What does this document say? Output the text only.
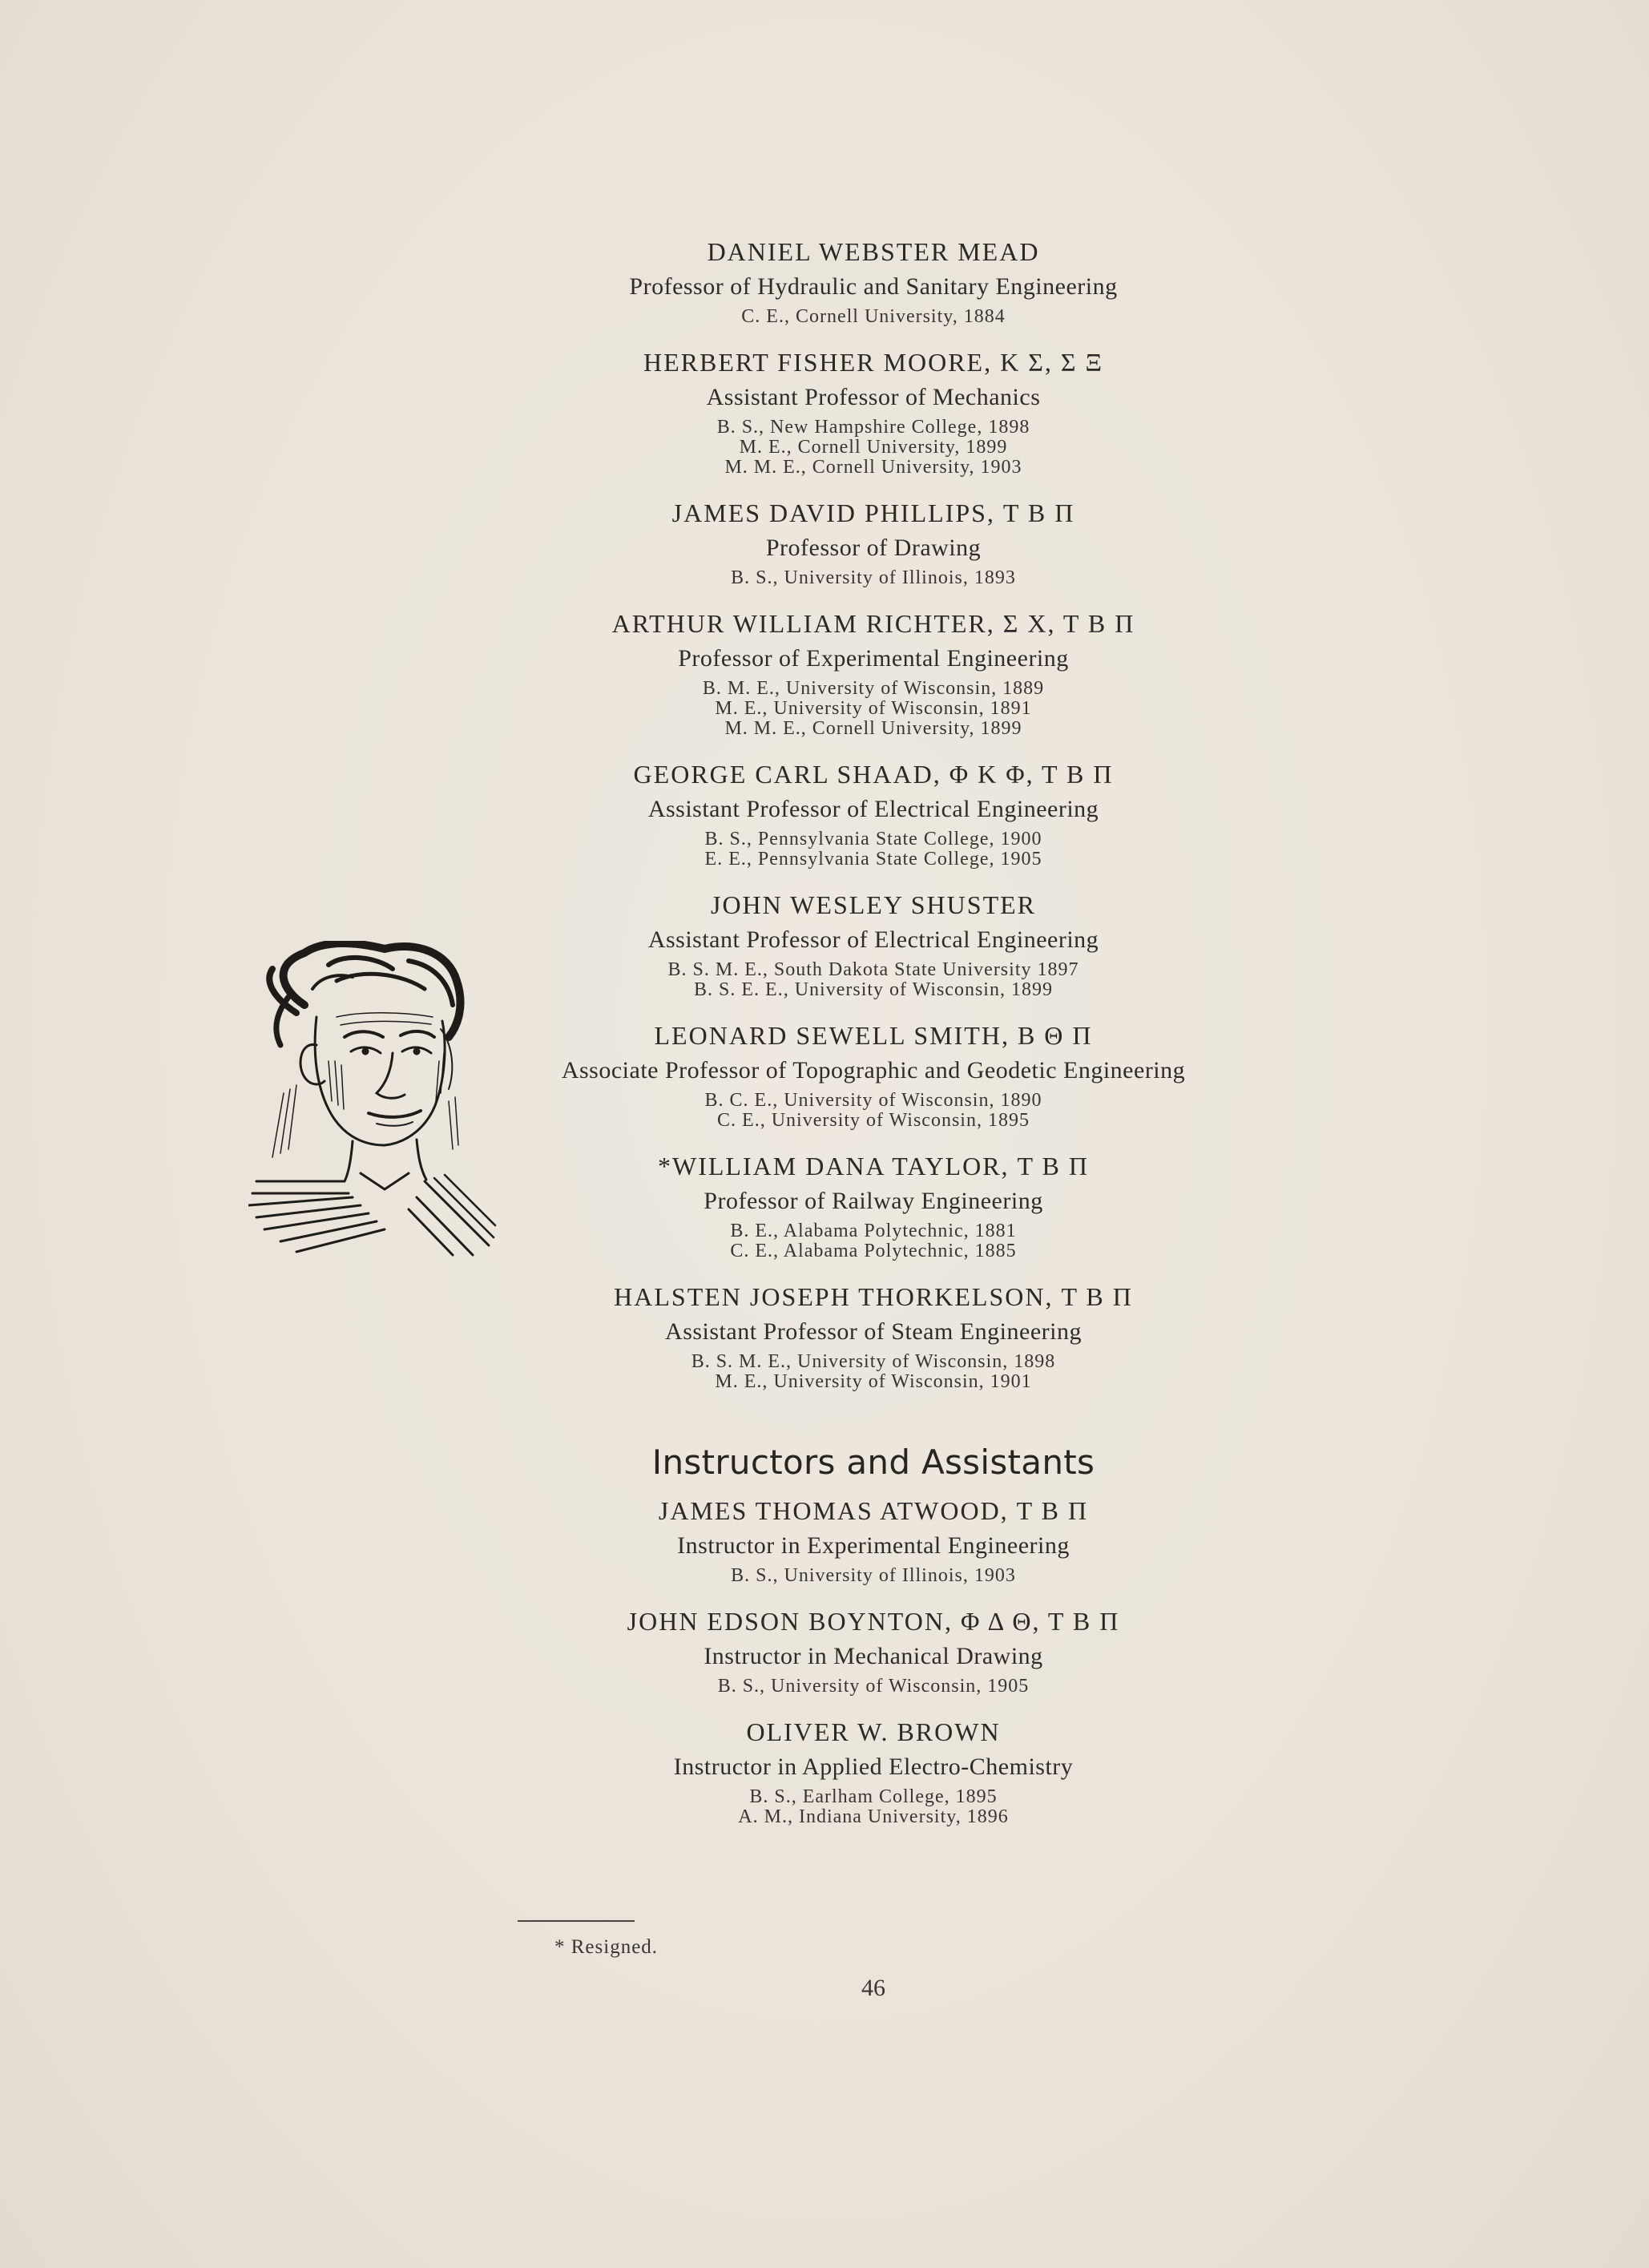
DANIEL WEBSTER MEAD
Professor of Hydraulic and Sanitary Engineering
C. E., Cornell University, 1884
HERBERT FISHER MOORE, Κ Σ, Σ Ξ
Assistant Professor of Mechanics
B. S., New Hampshire College, 1898
M. E., Cornell University, 1899
M. M. E., Cornell University, 1903
JAMES DAVID PHILLIPS, Τ Β Π
Professor of Drawing
B. S., University of Illinois, 1893
ARTHUR WILLIAM RICHTER, Σ Χ, Τ Β Π
Professor of Experimental Engineering
B. M. E., University of Wisconsin, 1889
M. E., University of Wisconsin, 1891
M. M. E., Cornell University, 1899
GEORGE CARL SHAAD, Φ Κ Φ, Τ Β Π
Assistant Professor of Electrical Engineering
B. S., Pennsylvania State College, 1900
E. E., Pennsylvania State College, 1905
JOHN WESLEY SHUSTER
Assistant Professor of Electrical Engineering
B. S. M. E., South Dakota State University 1897
B. S. E. E., University of Wisconsin, 1899
LEONARD SEWELL SMITH, Β Θ Π
Associate Professor of Topographic and Geodetic Engineering
B. C. E., University of Wisconsin, 1890
C. E., University of Wisconsin, 1895
*WILLIAM DANA TAYLOR, Τ Β Π
Professor of Railway Engineering
B. E., Alabama Polytechnic, 1881
C. E., Alabama Polytechnic, 1885
HALSTEN JOSEPH THORKELSON, Τ Β Π
Assistant Professor of Steam Engineering
B. S. M. E., University of Wisconsin, 1898
M. E., University of Wisconsin, 1901
Instructors and Assistants
JAMES THOMAS ATWOOD, Τ Β Π
Instructor in Experimental Engineering
B. S., University of Illinois, 1903
JOHN EDSON BOYNTON, Φ Δ Θ, Τ Β Π
Instructor in Mechanical Drawing
B. S., University of Wisconsin, 1905
OLIVER W. BROWN
Instructor in Applied Electro-Chemistry
B. S., Earlham College, 1895
A. M., Indiana University, 1896
* Resigned.
46
